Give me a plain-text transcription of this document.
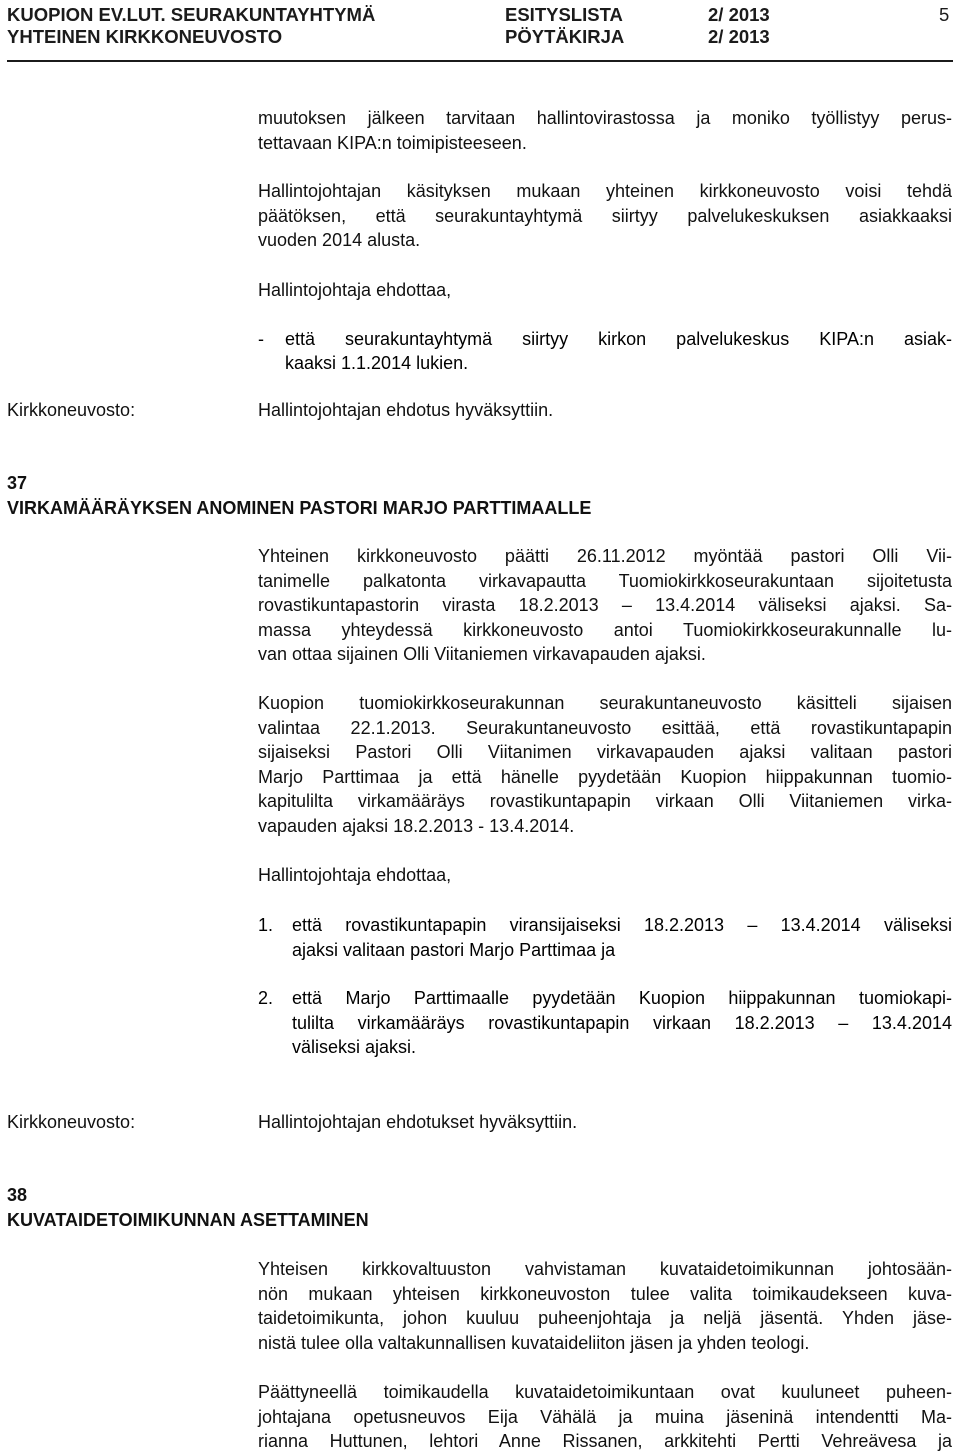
KUOPION EV.LUT. SEURAKUNTAYHTYMÄ
YHTEINEN KIRKKONEUVOSTO
ESITYSLISTA
PÖYTÄKIRJA
2/ 2013
2/ 2013
5
muutoksen jälkeen tarvitaan hallintovirastossa ja moniko työllistyy perus-
tettavaan KIPA:n toimipisteeseen.
Hallintojohtajan käsityksen mukaan yhteinen kirkkoneuvosto voisi tehdä
päätöksen, että seurakuntayhtymä siirtyy palvelukeskuksen asiakkaaksi
vuoden 2014 alusta.
Hallintojohtaja ehdottaa,
- että seurakuntayhtymä siirtyy kirkon palvelukeskus KIPA:n asiak-
kaaksi 1.1.2014 lukien.
Kirkkoneuvosto:	Hallintojohtajan ehdotus hyväksyttiin.
37
VIRKAMÄÄRÄYKSEN ANOMINEN PASTORI MARJO PARTTIMAALLE
Yhteinen kirkkoneuvosto päätti 26.11.2012 myöntää pastori Olli Vii-
tanimelle palkatonta virkavapautta Tuomiokirkkoseurakuntaan sijoitetusta
rovastikuntapastorin virasta 18.2.2013 – 13.4.2014 väliseksi ajaksi. Sa-
massa yhteydessä kirkkoneuvosto antoi Tuomiokirkkoseurakunnalle lu-
van ottaa sijainen Olli Viitaniemen virkavapauden ajaksi.
Kuopion tuomiokirkkoseurakunnan seurakuntaneuvosto käsitteli sijaisen
valintaa 22.1.2013. Seurakuntaneuvosto esittää, että rovastikuntapapin
sijaiseksi Pastori Olli Viitanimen virkavapauden ajaksi valitaan pastori
Marjo Parttimaa ja että hänelle pyydetään Kuopion hiippakunnan tuomio-
kapitulilta virkamääräys rovastikuntapapin virkaan Olli Viitaniemen virka-
vapauden ajaksi 18.2.2013 - 13.4.2014.
Hallintojohtaja ehdottaa,
1. että rovastikuntapapin viransijaiseksi 18.2.2013 – 13.4.2014 väliseksi
ajaksi valitaan pastori Marjo Parttimaa ja
2. että Marjo Parttimaalle pyydetään Kuopion hiippakunnan tuomiokapi-
tulilta virkamääräys rovastikuntapapin virkaan 18.2.2013 – 13.4.2014
väliseksi ajaksi.
Kirkkoneuvosto:	Hallintojohtajan ehdotukset hyväksyttiin.
38
KUVATAIDETOIMIKUNNAN ASETTAMINEN
Yhteisen kirkkovaltuuston vahvistaman kuvataidetoimikunnan johtosään-
nön mukaan yhteisen kirkkoneuvoston tulee valita toimikaudekseen kuva-
taidetoimikunta, johon kuuluu puheenjohtaja ja neljä jäsentä. Yhden jäse-
nistä tulee olla valtakunnallisen kuvataideliiton jäsen ja yhden teologi.
Päättyneellä toimikaudella kuvataidetoimikuntaan ovat kuuluneet puheen-
johtajana opetusneuvos Eija Vähälä ja muina jäseninä intendentti Ma-
rianna Huttunen, lehtori Anne Rissanen, arkkitehti Pertti Vehreävesa ja
